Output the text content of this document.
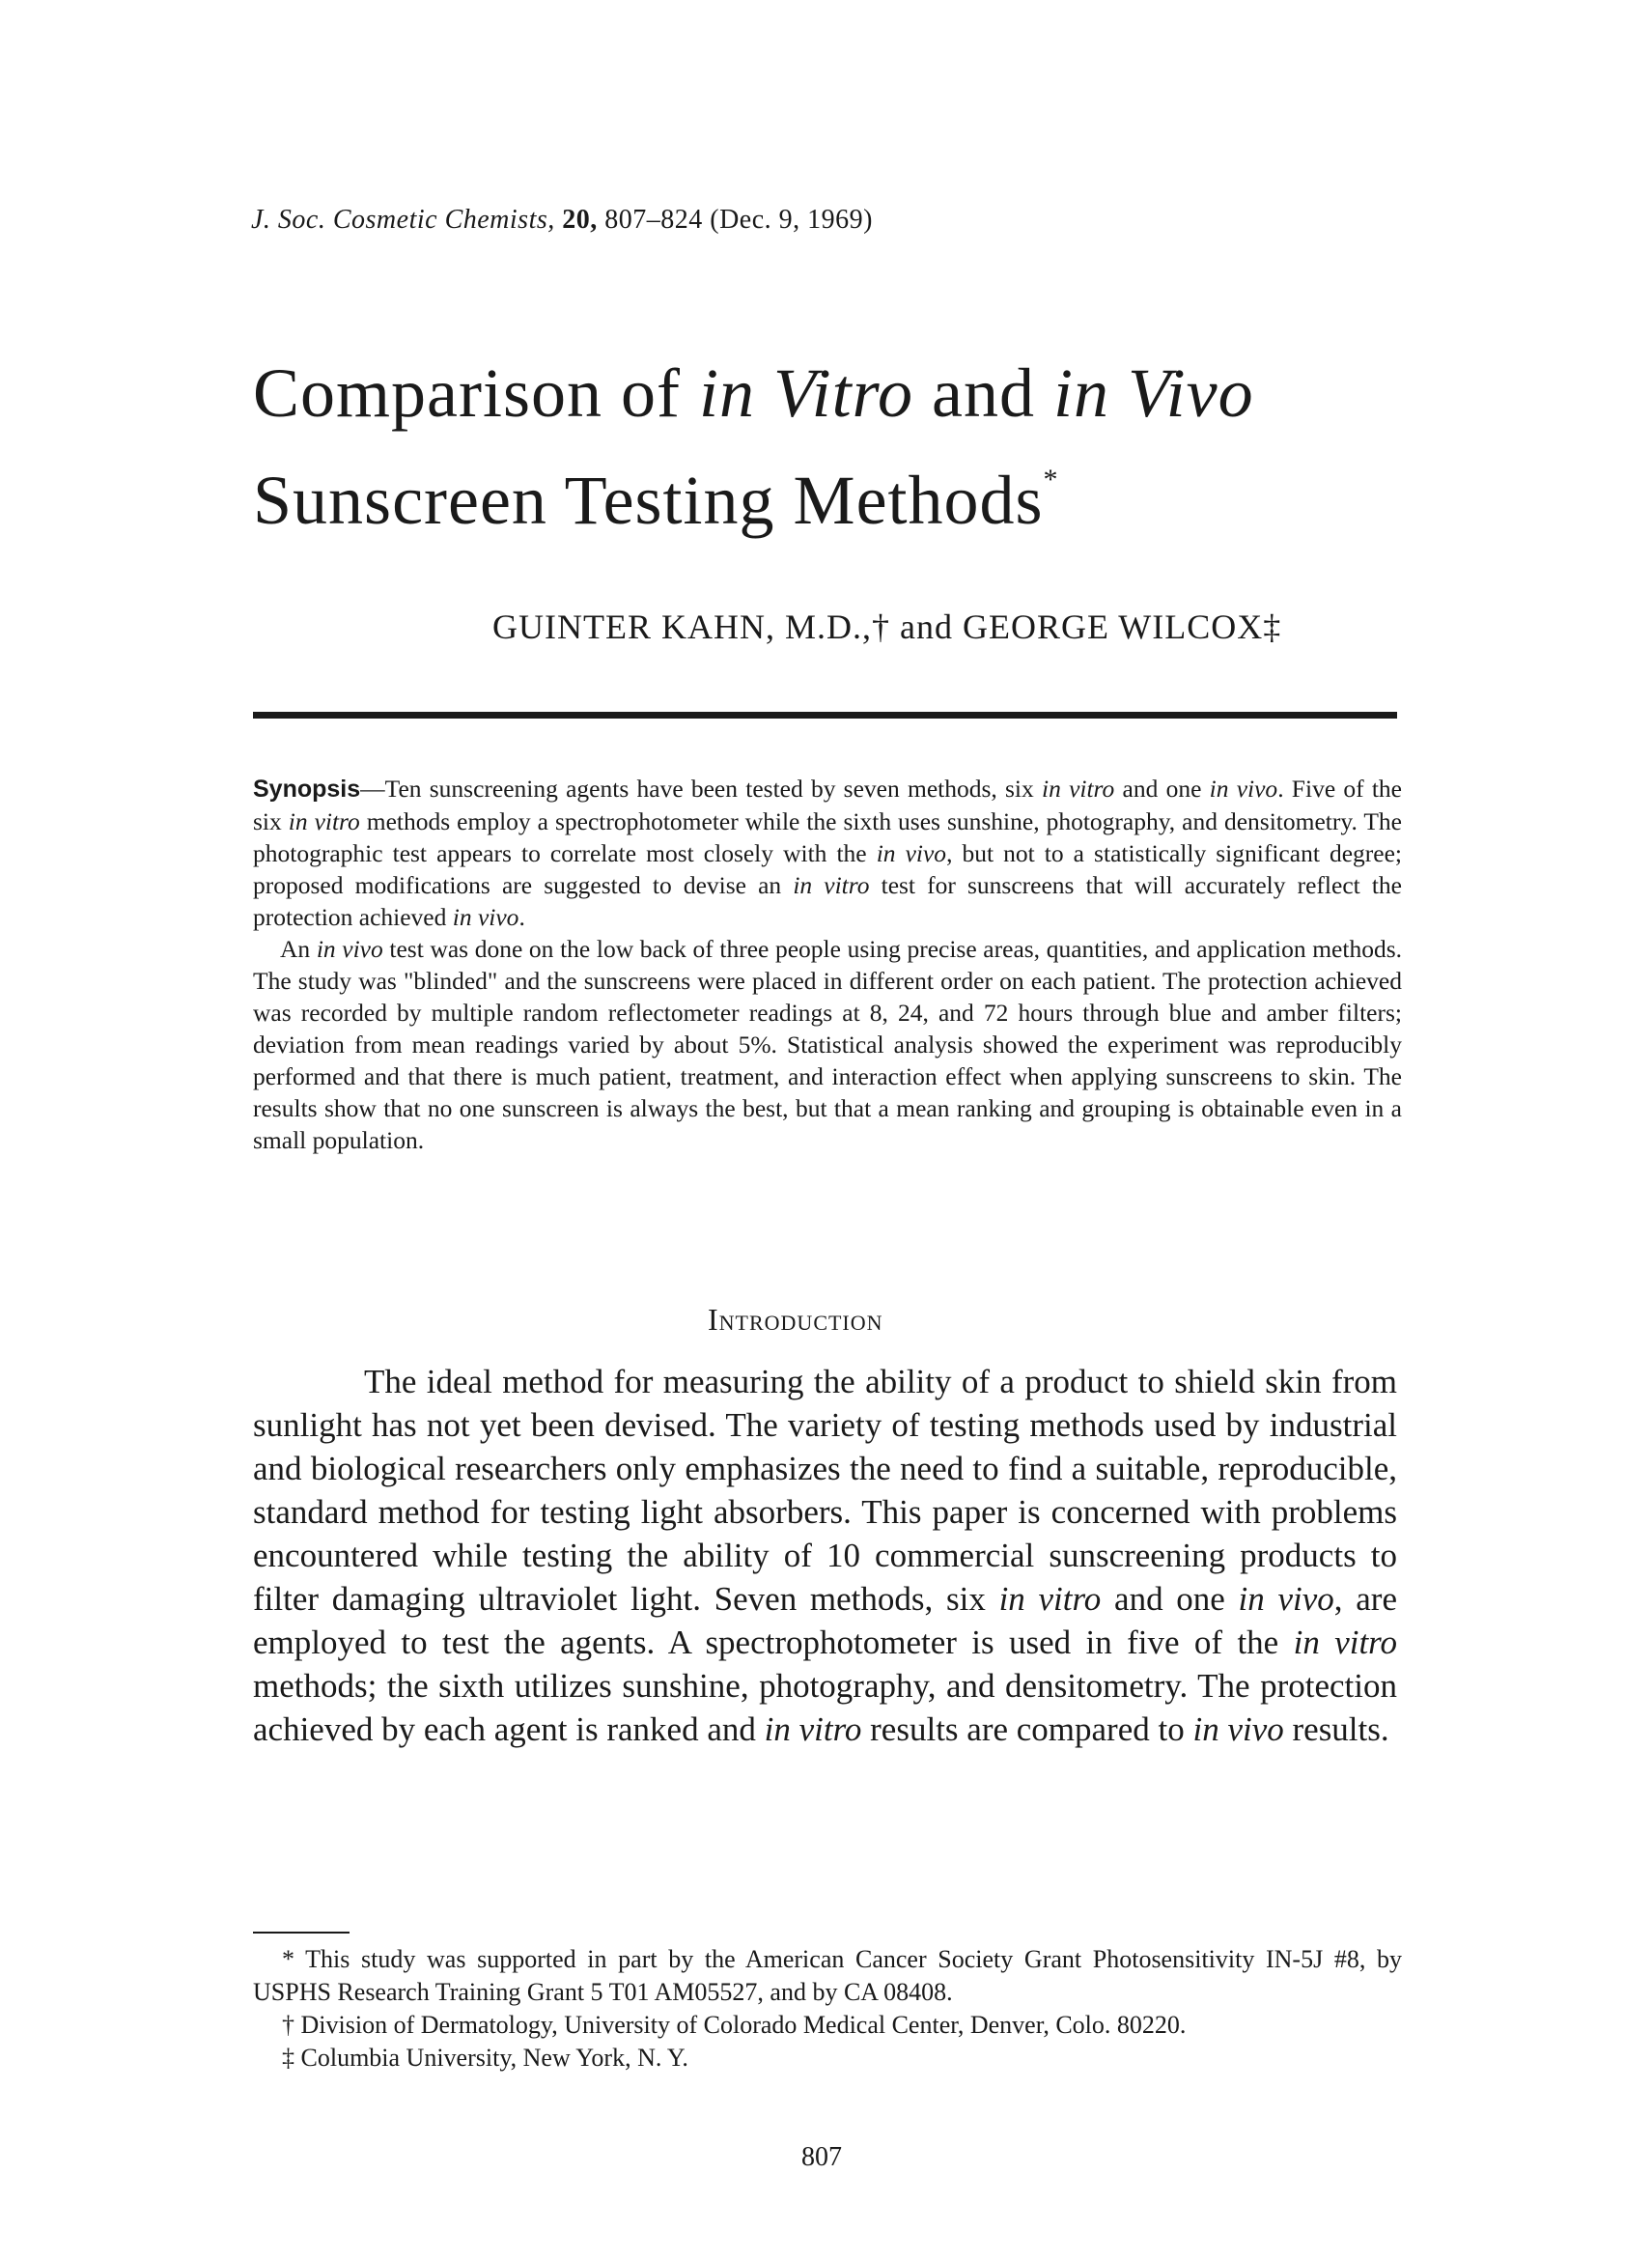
J. Soc. Cosmetic Chemists, 20, 807–824 (Dec. 9, 1969)
Comparison of in Vitro and in Vivo
Sunscreen Testing Methods*
GUINTER KAHN, M.D.,† and GEORGE WILCOX‡

Synopsis—Ten sunscreening agents have been tested by seven methods, six in vitro and one in vivo. Five of the six in vitro methods employ a spectrophotometer while the sixth uses sunshine, photography, and densitometry. The photographic test appears to correlate most closely with the in vivo, but not to a statistically significant degree; proposed modifications are suggested to devise an in vitro test for sunscreens that will accurately reflect the protection achieved in vivo.

An in vivo test was done on the low back of three people using precise areas, quantities, and application methods. The study was "blinded" and the sunscreens were placed in different order on each patient. The protection achieved was recorded by multiple random reflectometer readings at 8, 24, and 72 hours through blue and amber filters; deviation from mean readings varied by about 5%. Statistical analysis showed the experiment was reproducibly performed and that there is much patient, treatment, and interaction effect when applying sunscreens to skin. The results show that no one sunscreen is always the best, but that a mean ranking and grouping is obtainable even in a small population.

Introduction

The ideal method for measuring the ability of a product to shield skin from sunlight has not yet been devised. The variety of testing methods used by industrial and biological researchers only emphasizes the need to find a suitable, reproducible, standard method for testing light absorbers. This paper is concerned with problems encountered while testing the ability of 10 commercial sunscreening products to filter damaging ultraviolet light. Seven methods, six in vitro and one in vivo, are employed to test the agents. A spectrophotometer is used in five of the in vitro methods; the sixth utilizes sunshine, photography, and densitometry. The protection achieved by each agent is ranked and in vitro results are compared to in vivo results.

* This study was supported in part by the American Cancer Society Grant Photosensitivity IN-5J #8, by USPHS Research Training Grant 5 T01 AM05527, and by CA 08408.

† Division of Dermatology, University of Colorado Medical Center, Denver, Colo. 80220.

‡ Columbia University, New York, N. Y.

807
